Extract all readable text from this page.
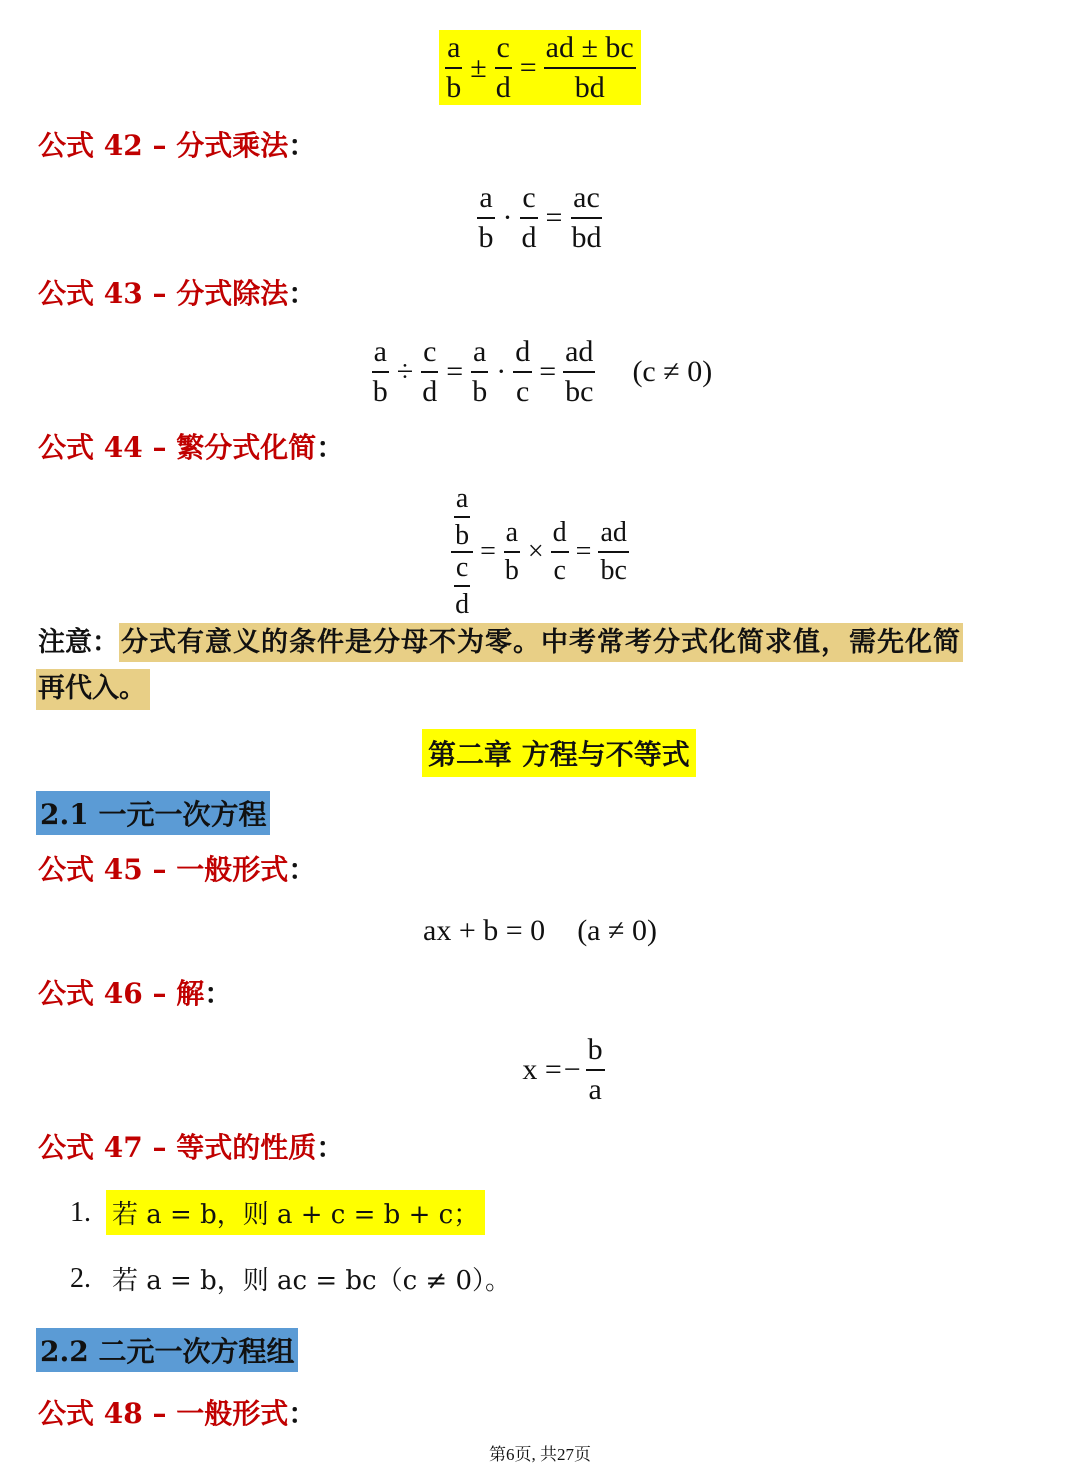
$\frac{a}{b} \pm \frac{c}{d} = \frac{ad \pm bc}{bd}$
公式 42 – 分式乘法：
$\frac{a}{b} \cdot \frac{c}{d} = \frac{ac}{bd}$
公式 43 – 分式除法：
$\frac{a}{b} \div \frac{c}{d} = \frac{a}{b} \cdot \frac{d}{c} = \frac{ad}{bc} (c \ne 0)$
公式 44 – 繁分式化简：
$\frac{\frac{a}{b}}{\frac{c}{d}} = \frac{a}{b} \times \frac{d}{c} = \frac{ad}{bc}$
注意：分式有意义的条件是分母不为零。中考常考分式化简求值，需先化简
再代入。
第二章 方程与不等式
2.1 一元一次方程
公式 45 – 一般形式：
ax + b = 0 (a ≠ 0)
公式 46 – 解：
x = − $\frac{b}{a}$
公式 47 – 等式的性质：
1. 若 a = b，则 a + c = b + c；
2. 若 a = b，则 ac = bc（c ≠ 0）。
2.2 二元一次方程组
公式 48 – 一般形式：
第6页, 共27页
